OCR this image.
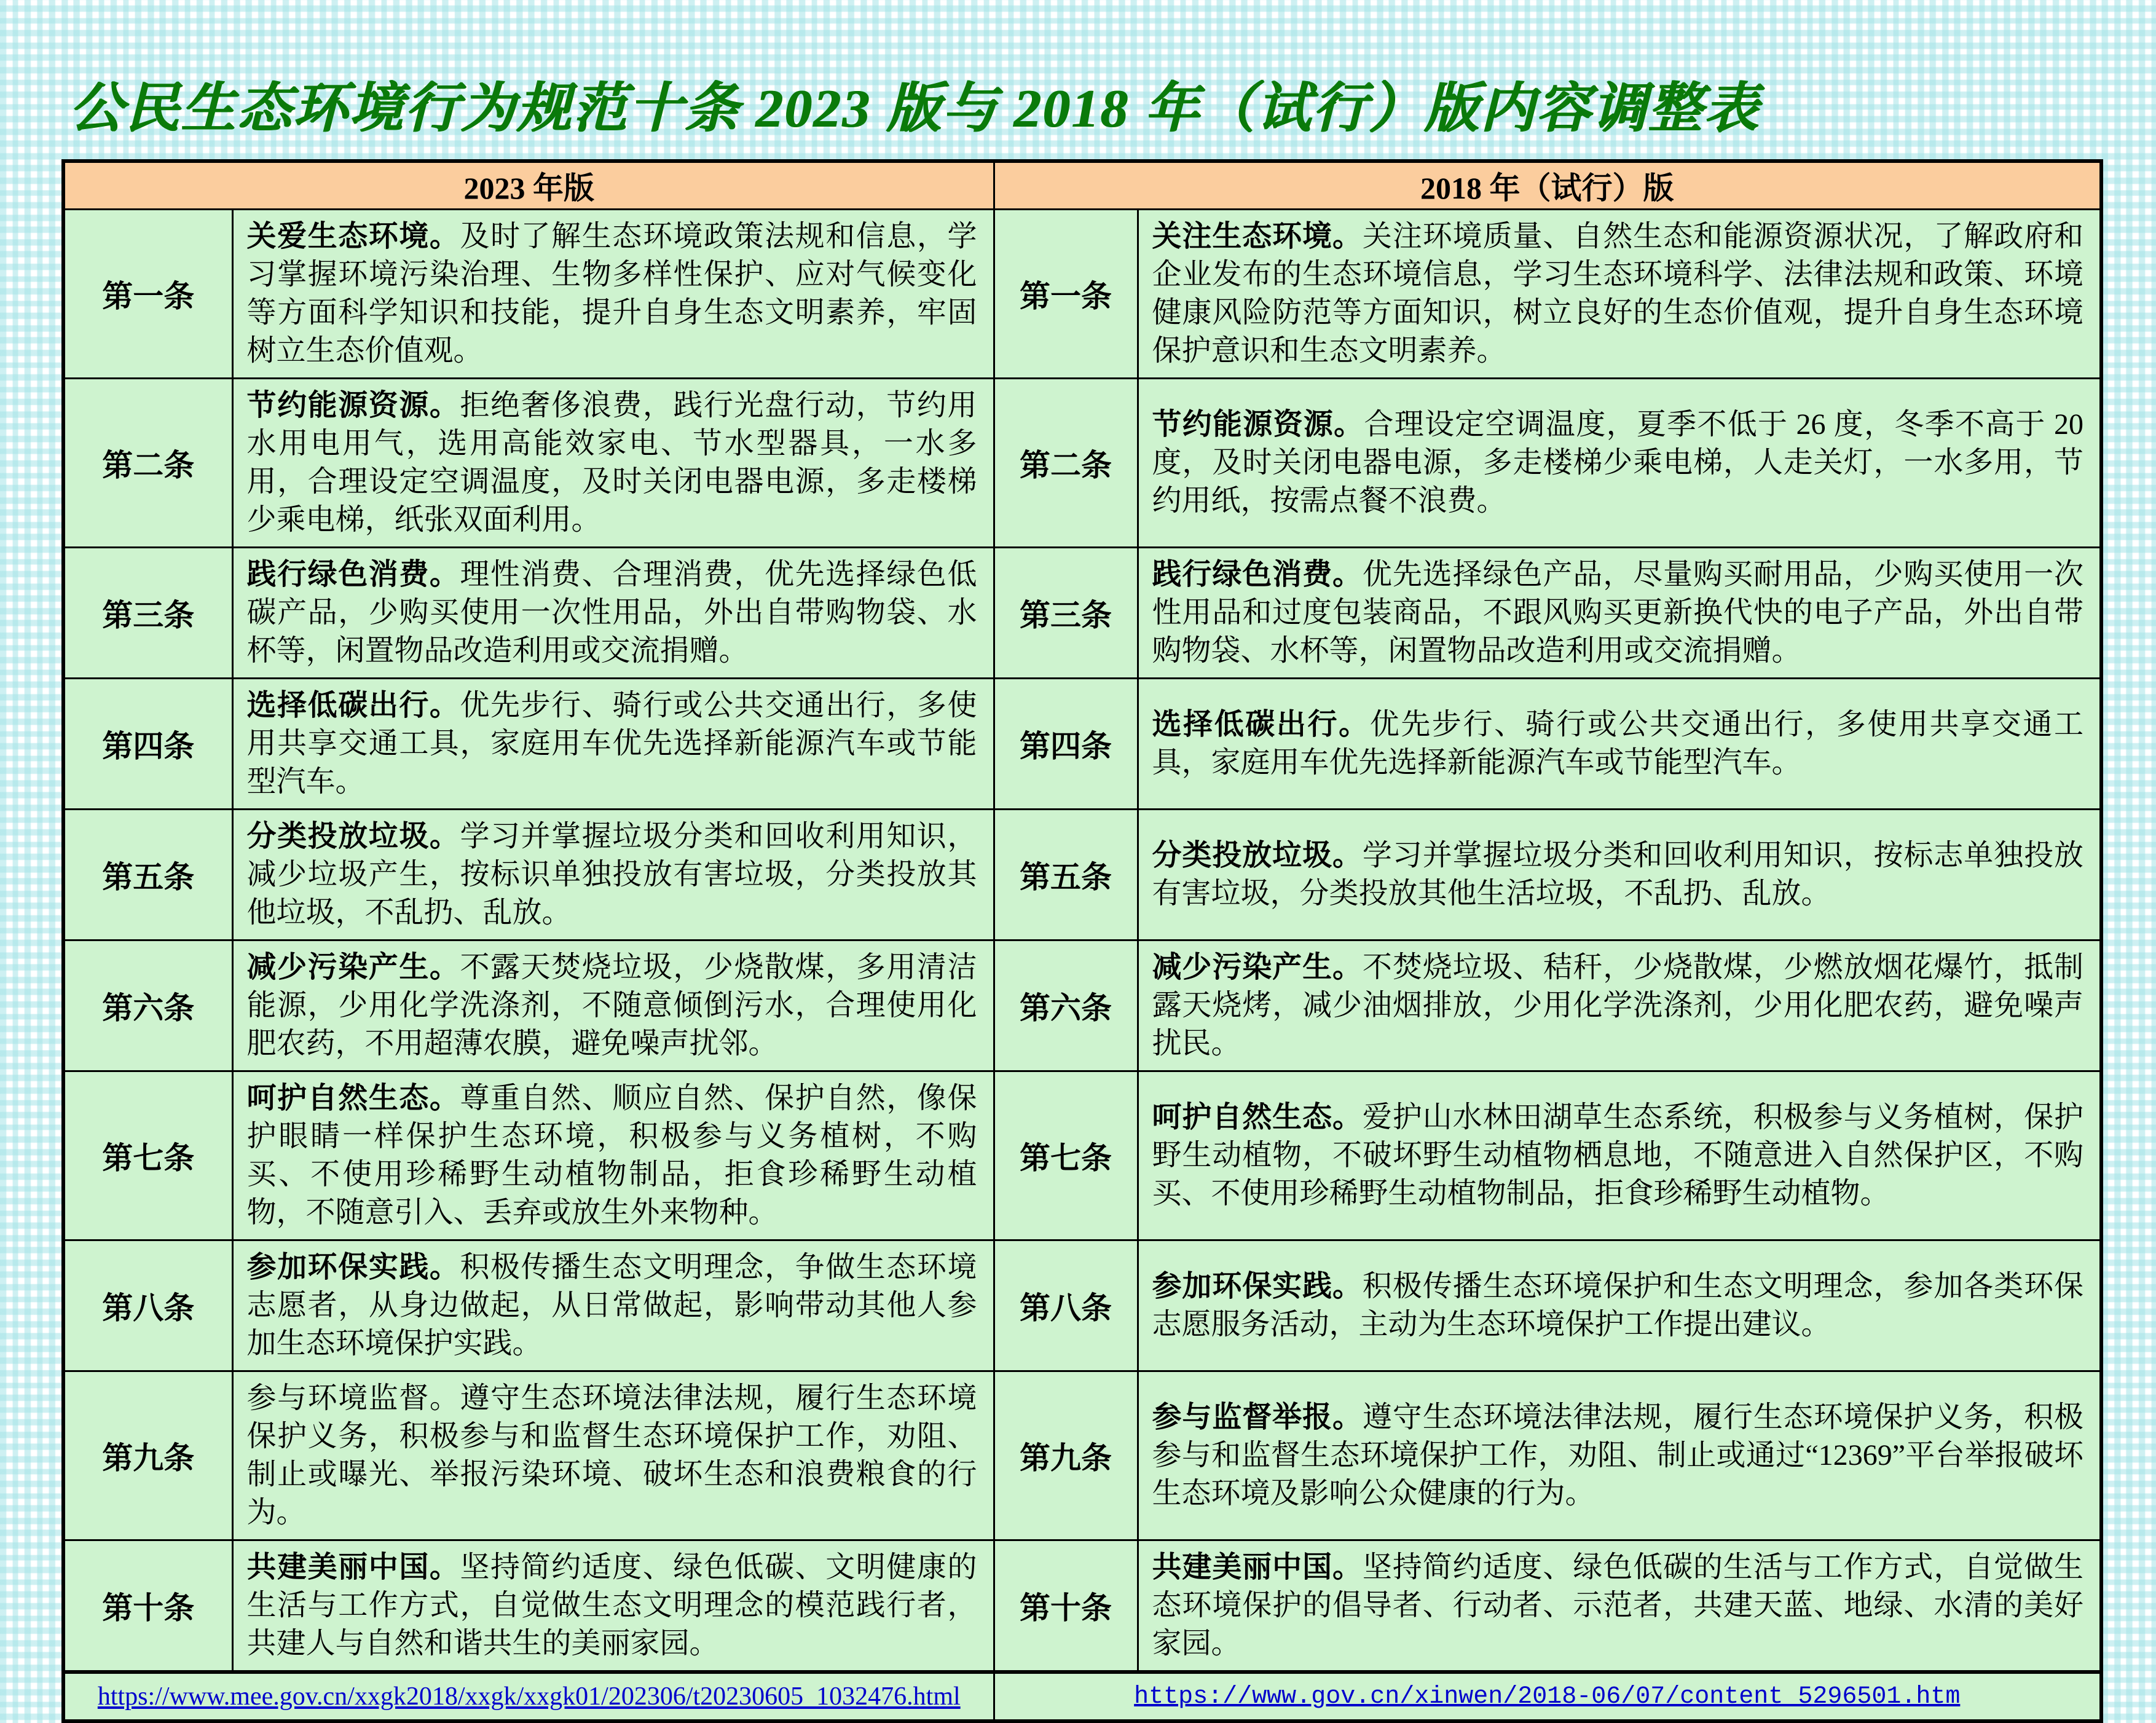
公民生态环境行为规范十条 2023 版与 2018 年（试行）版内容调整表
2023 年版		2018 年（试行）版	
第一条	关爱生态环境。及时了解生态环境政策法规和信息，学习掌握环境污染治理、生物多样性保护、应对气候变化等方面科学知识和技能，提升自身生态文明素养，牢固树立生态价值观。	第一条	关注生态环境。关注环境质量、自然生态和能源资源状况，了解政府和企业发布的生态环境信息，学习生态环境科学、法律法规和政策、环境健康风险防范等方面知识，树立良好的生态价值观，提升自身生态环境保护意识和生态文明素养。
第二条	节约能源资源。拒绝奢侈浪费，践行光盘行动，节约用水用电用气，选用高能效家电、节水型器具，一水多用，合理设定空调温度，及时关闭电器电源，多走楼梯少乘电梯，纸张双面利用。	第二条	节约能源资源。合理设定空调温度，夏季不低于 26 度，冬季不高于 20 度，及时关闭电器电源，多走楼梯少乘电梯，人走关灯，一水多用，节约用纸，按需点餐不浪费。
第三条	践行绿色消费。理性消费、合理消费，优先选择绿色低碳产品，少购买使用一次性用品，外出自带购物袋、水杯等，闲置物品改造利用或交流捐赠。	第三条	践行绿色消费。优先选择绿色产品，尽量购买耐用品，少购买使用一次性用品和过度包装商品，不跟风购买更新换代快的电子产品，外出自带购物袋、水杯等，闲置物品改造利用或交流捐赠。
第四条	选择低碳出行。优先步行、骑行或公共交通出行，多使用共享交通工具，家庭用车优先选择新能源汽车或节能型汽车。	第四条	选择低碳出行。优先步行、骑行或公共交通出行，多使用共享交通工具，家庭用车优先选择新能源汽车或节能型汽车。
第五条	分类投放垃圾。学习并掌握垃圾分类和回收利用知识，减少垃圾产生，按标识单独投放有害垃圾，分类投放其他垃圾，不乱扔、乱放。	第五条	分类投放垃圾。学习并掌握垃圾分类和回收利用知识，按标志单独投放有害垃圾，分类投放其他生活垃圾，不乱扔、乱放。
第六条	减少污染产生。不露天焚烧垃圾，少烧散煤，多用清洁能源，少用化学洗涤剂，不随意倾倒污水，合理使用化肥农药，不用超薄农膜，避免噪声扰邻。	第六条	减少污染产生。不焚烧垃圾、秸秆，少烧散煤，少燃放烟花爆竹，抵制露天烧烤，减少油烟排放，少用化学洗涤剂，少用化肥农药，避免噪声扰民。
第七条	呵护自然生态。尊重自然、顺应自然、保护自然，像保护眼睛一样保护生态环境，积极参与义务植树，不购买、不使用珍稀野生动植物制品，拒食珍稀野生动植物，不随意引入、丢弃或放生外来物种。	第七条	呵护自然生态。爱护山水林田湖草生态系统，积极参与义务植树，保护野生动植物，不破坏野生动植物栖息地，不随意进入自然保护区，不购买、不使用珍稀野生动植物制品，拒食珍稀野生动植物。
第八条	参加环保实践。积极传播生态文明理念，争做生态环境志愿者，从身边做起，从日常做起，影响带动其他人参加生态环境保护实践。	第八条	参加环保实践。积极传播生态环境保护和生态文明理念，参加各类环保志愿服务活动，主动为生态环境保护工作提出建议。
第九条	参与环境监督。遵守生态环境法律法规，履行生态环境保护义务，积极参与和监督生态环境保护工作，劝阻、制止或曝光、举报污染环境、破坏生态和浪费粮食的行为。	第九条	参与监督举报。遵守生态环境法律法规，履行生态环境保护义务，积极参与和监督生态环境保护工作，劝阻、制止或通过“12369”平台举报破坏生态环境及影响公众健康的行为。
第十条	共建美丽中国。坚持简约适度、绿色低碳、文明健康的生活与工作方式，自觉做生态文明理念的模范践行者，共建人与自然和谐共生的美丽家园。	第十条	共建美丽中国。坚持简约适度、绿色低碳的生活与工作方式，自觉做生态环境保护的倡导者、行动者、示范者，共建天蓝、地绿、水清的美好家园。
https://www.mee.gov.cn/xxgk2018/xxgk/xxgk01/202306/t20230605_1032476.html		https://www.gov.cn/xinwen/2018-06/07/content_5296501.htm	
